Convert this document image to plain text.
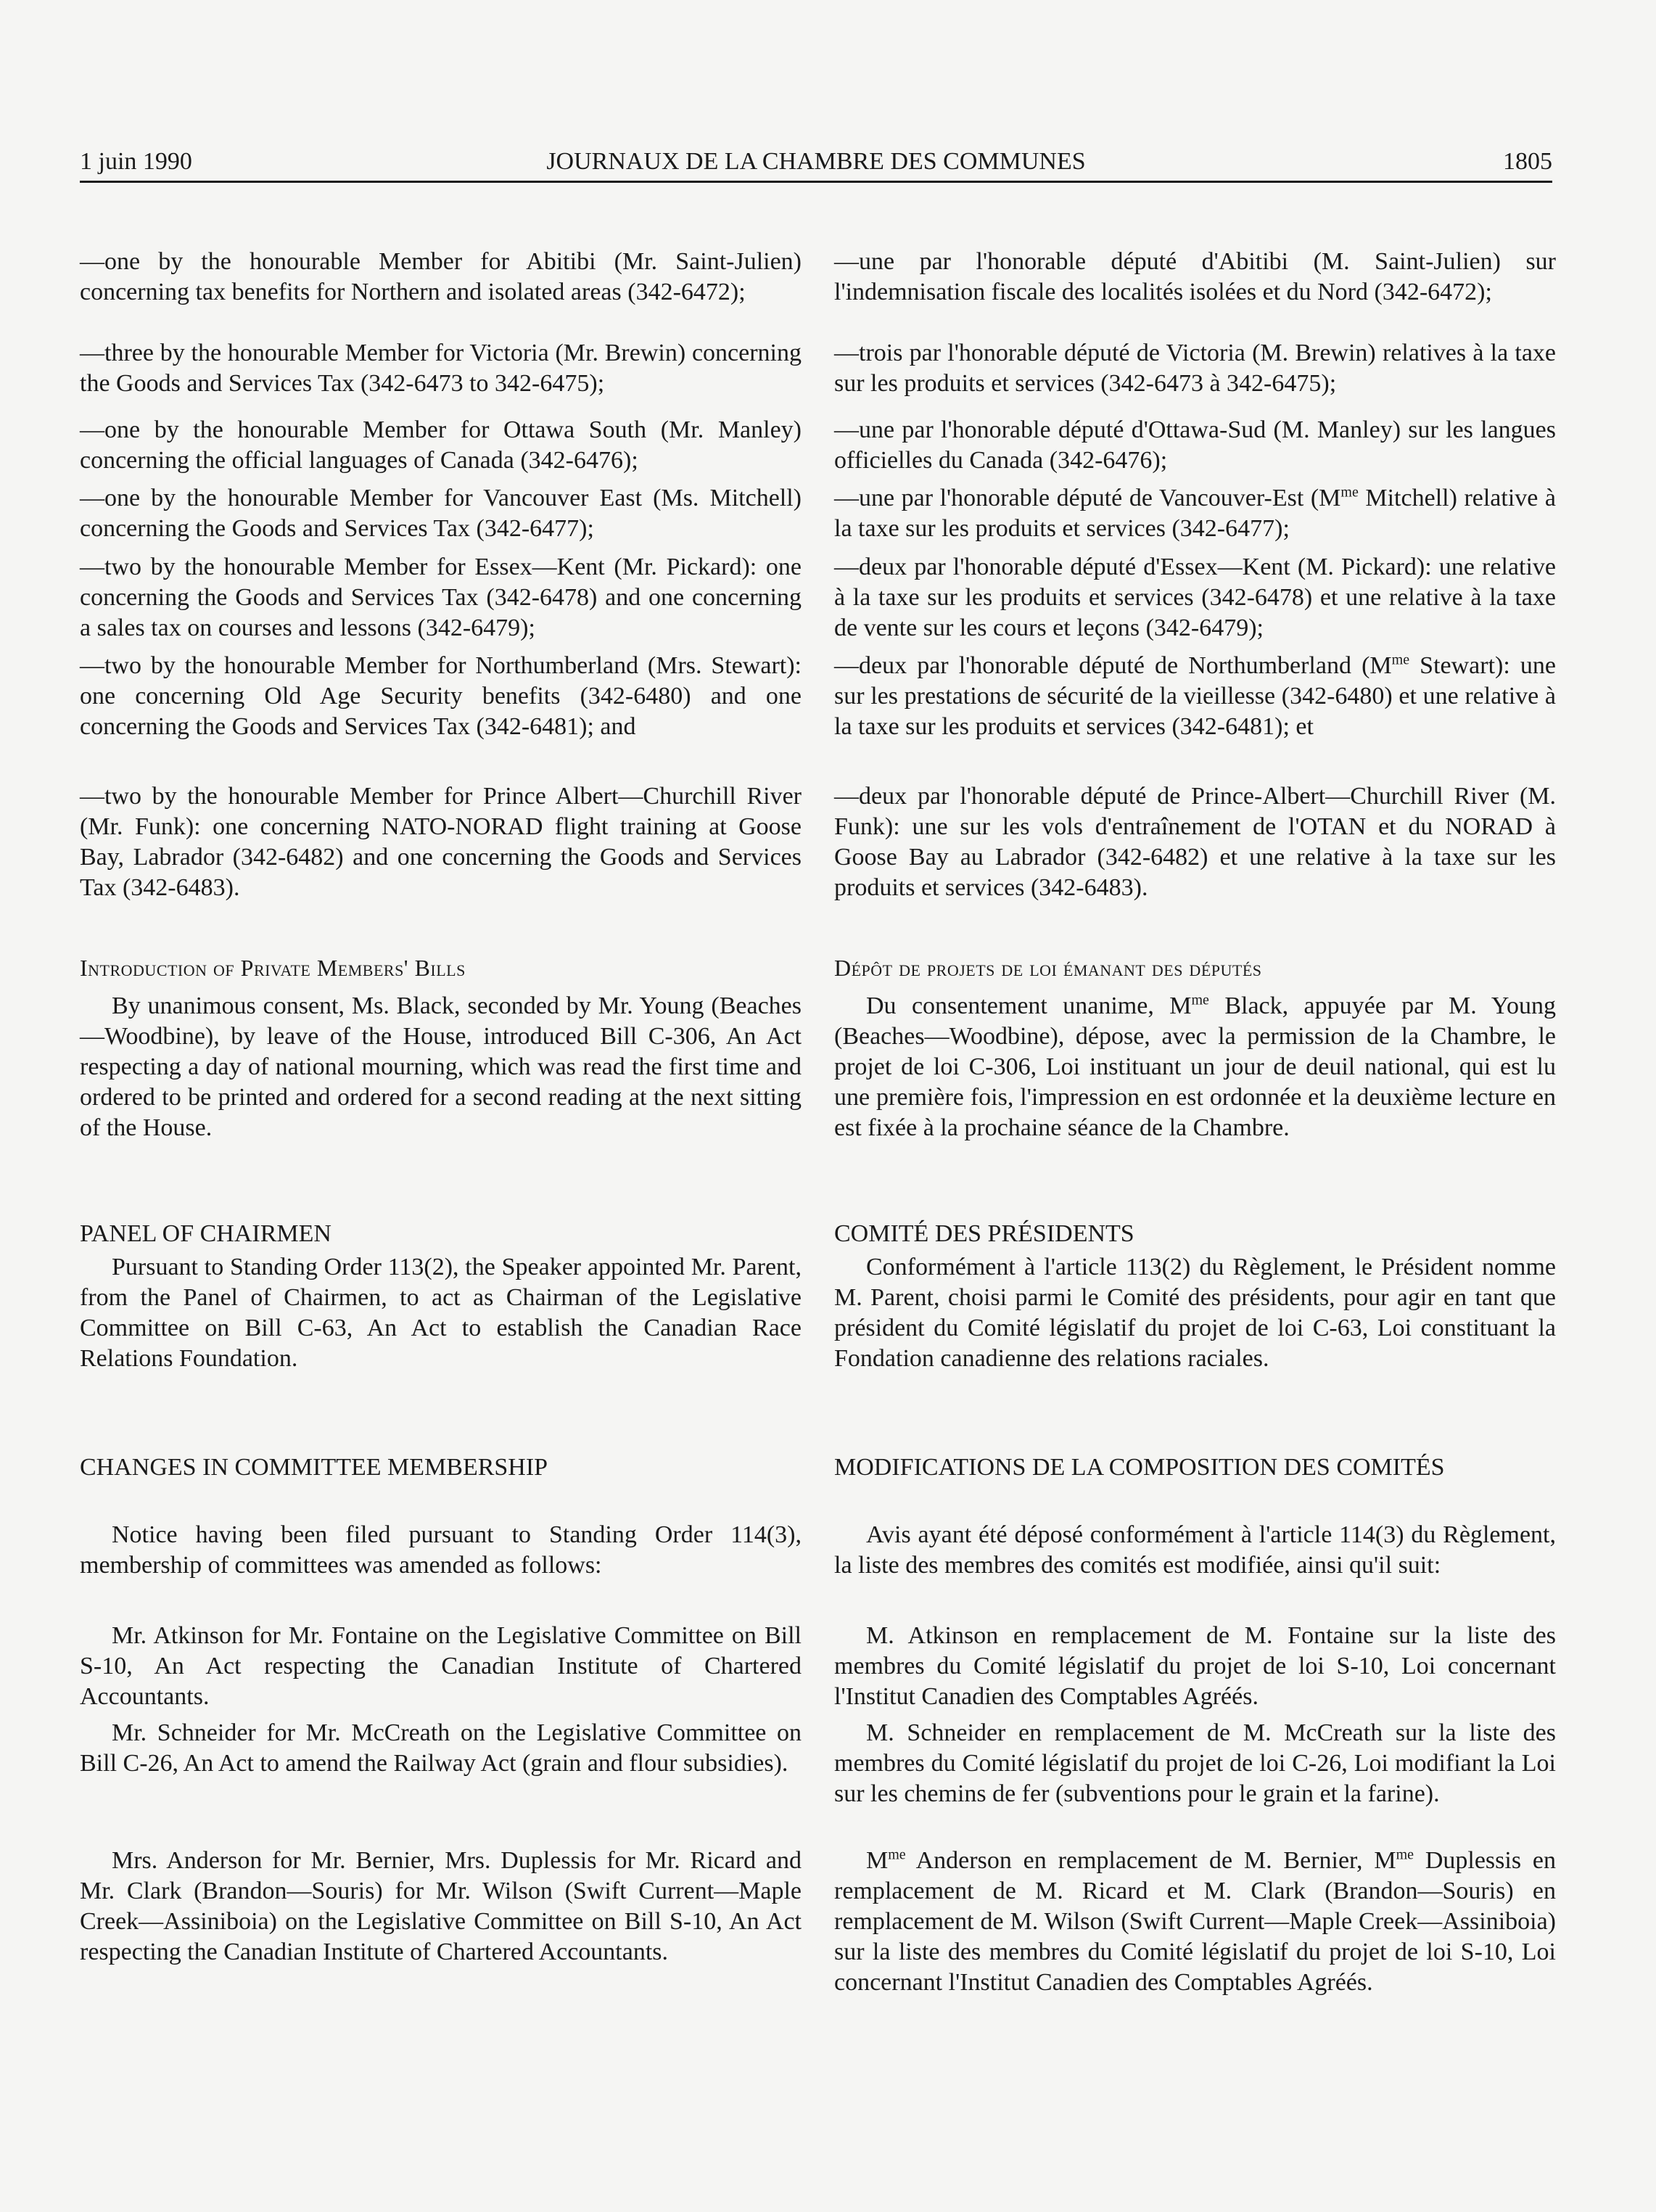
1 juin 1990	JOURNAUX DE LA CHAMBRE DES COMMUNES	1805
—one by the honourable Member for Abitibi (Mr. Saint-Julien) concerning tax benefits for Northern and isolated areas (342-6472);
—three by the honourable Member for Victoria (Mr. Brewin) concerning the Goods and Services Tax (342-6473 to 342-6475);
—one by the honourable Member for Ottawa South (Mr. Manley) concerning the official languages of Canada (342-6476);
—one by the honourable Member for Vancouver East (Ms. Mitchell) concerning the Goods and Services Tax (342-6477);
—two by the honourable Member for Essex—Kent (Mr. Pickard): one concerning the Goods and Services Tax (342-6478) and one concerning a sales tax on courses and lessons (342-6479);
—two by the honourable Member for Northumberland (Mrs. Stewart): one concerning Old Age Security benefits (342-6480) and one concerning the Goods and Services Tax (342-6481); and
—two by the honourable Member for Prince Albert—Churchill River (Mr. Funk): one concerning NATO-NORAD flight training at Goose Bay, Labrador (342-6482) and one concerning the Goods and Services Tax (342-6483).
Introduction of Private Members' Bills

By unanimous consent, Ms. Black, seconded by Mr. Young (Beaches—Woodbine), by leave of the House, introduced Bill C-306, An Act respecting a day of national mourning, which was read the first time and ordered to be printed and ordered for a second reading at the next sitting of the House.

PANEL OF CHAIRMEN

Pursuant to Standing Order 113(2), the Speaker appointed Mr. Parent, from the Panel of Chairmen, to act as Chairman of the Legislative Committee on Bill C-63, An Act to establish the Canadian Race Relations Foundation.

CHANGES IN COMMITTEE MEMBERSHIP

Notice having been filed pursuant to Standing Order 114(3), membership of committees was amended as follows:

Mr. Atkinson for Mr. Fontaine on the Legislative Committee on Bill S-10, An Act respecting the Canadian Institute of Chartered Accountants.

Mr. Schneider for Mr. McCreath on the Legislative Committee on Bill C-26, An Act to amend the Railway Act (grain and flour subsidies).

Mrs. Anderson for Mr. Bernier, Mrs. Duplessis for Mr. Ricard and Mr. Clark (Brandon—Souris) for Mr. Wilson (Swift Current—Maple Creek—Assiniboia) on the Legislative Committee on Bill S-10, An Act respecting the Canadian Institute of Chartered Accountants.

—une par l'honorable député d'Abitibi (M. Saint-Julien) sur l'indemnisation fiscale des localités isolées et du Nord (342-6472);
—trois par l'honorable député de Victoria (M. Brewin) relatives à la taxe sur les produits et services (342-6473 à 342-6475);
—une par l'honorable député d'Ottawa-Sud (M. Manley) sur les langues officielles du Canada (342-6476);
—une par l'honorable député de Vancouver-Est ($M^{me}$ Mitchell) relative à la taxe sur les produits et services (342-6477);
—deux par l'honorable député d'Essex—Kent (M. Pickard): une relative à la taxe sur les produits et services (342-6478) et une relative à la taxe de vente sur les cours et leçons (342-6479);
—deux par l'honorable député de Northumberland ($M^{me}$ Stewart): une sur les prestations de sécurité de la vieillesse (342-6480) et une relative à la taxe sur les produits et services (342-6481); et
—deux par l'honorable député de Prince-Albert—Churchill River (M. Funk): une sur les vols d'entraînement de l'OTAN et du NORAD à Goose Bay au Labrador (342-6482) et une relative à la taxe sur les produits et services (342-6483).
Dépôt de projets de loi émanant des députés

Du consentement unanime, $M^{me}$ Black, appuyée par M. Young (Beaches—Woodbine), dépose, avec la permission de la Chambre, le projet de loi C-306, Loi instituant un jour de deuil national, qui est lu une première fois, l'impression en est ordonnée et la deuxième lecture en est fixée à la prochaine séance de la Chambre.

COMITÉ DES PRÉSIDENTS

Conformément à l'article 113(2) du Règlement, le Président nomme M. Parent, choisi parmi le Comité des présidents, pour agir en tant que président du Comité législatif du projet de loi C-63, Loi constituant la Fondation canadienne des relations raciales.

MODIFICATIONS DE LA COMPOSITION DES COMITÉS

Avis ayant été déposé conformément à l'article 114(3) du Règlement, la liste des membres des comités est modifiée, ainsi qu'il suit:

M. Atkinson en remplacement de M. Fontaine sur la liste des membres du Comité législatif du projet de loi S-10, Loi concernant l'Institut Canadien des Comptables Agréés.

M. Schneider en remplacement de M. McCreath sur la liste des membres du Comité législatif du projet de loi C-26, Loi modifiant la Loi sur les chemins de fer (subventions pour le grain et la farine).

$M^{me}$ Anderson en remplacement de M. Bernier, $M^{me}$ Duplessis en remplacement de M. Ricard et M. Clark (Brandon—Souris) en remplacement de M. Wilson (Swift Current—Maple Creek—Assiniboia) sur la liste des membres du Comité législatif du projet de loi S-10, Loi concernant l'Institut Canadien des Comptables Agréés.
